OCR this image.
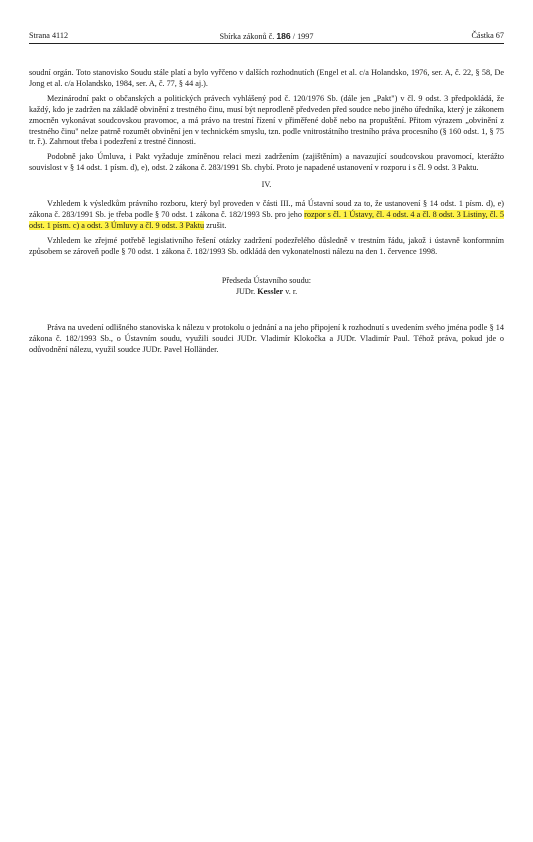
Strana 4112	Sbírka zákonů č. 186 / 1997	Částka 67

soudní orgán. Toto stanovisko Soudu stále platí a bylo vyřčeno v dalších rozhodnutích (Engel et al. c/a Holandsko, 1976, ser. A, č. 22, § 58, De Jong et al. c/a Holandsko, 1984, ser. A, č. 77, § 44 aj.).

Mezinárodní pakt o občanských a politických právech vyhlášený pod č. 120/1976 Sb. (dále jen „Pakt") v čl. 9 odst. 3 předpokládá, že každý, kdo je zadržen na základě obvinění z trestného činu, musí být neprodleně předveden před soudce nebo jiného úředníka, který je zákonem zmocněn vykonávat soudcovskou pravomoc, a má právo na trestní řízení v přiměřené době nebo na propuštění. Přitom výrazem „obvinění z trestného činu" nelze patrně rozumět obvinění jen v technickém smyslu, tzn. podle vnitrostátního trestního práva procesního (§ 160 odst. 1, § 75 tr. ř.). Zahrnout třeba i podezření z trestné činnosti.

Podobně jako Úmluva, i Pakt vyžaduje zmíněnou relaci mezi zadržením (zajištěním) a navazující soudcovskou pravomocí, kterážto souvislost v § 14 odst. 1 písm. d), e), odst. 2 zákona č. 283/1991 Sb. chybí. Proto je napadené ustanovení v rozporu i s čl. 9 odst. 3 Paktu.

IV.

Vzhledem k výsledkům právního rozboru, který byl proveden v části III., má Ústavní soud za to, že ustanovení § 14 odst. 1 písm. d), e) zákona č. 283/1991 Sb. je třeba podle § 70 odst. 1 zákona č. 182/1993 Sb. pro jeho rozpor s čl. 1 Ústavy, čl. 4 odst. 4 a čl. 8 odst. 3 Listiny, čl. 5 odst. 1 písm. c) a odst. 3 Úmluvy a čl. 9 odst. 3 Paktu zrušit.

Vzhledem ke zřejmé potřebě legislativního řešení otázky zadržení podezřelého důsledně v trestním řádu, jakož i ústavně konformním způsobem se zároveň podle § 70 odst. 1 zákona č. 182/1993 Sb. odkládá den vykonatelnosti nálezu na den 1. července 1998.

Předseda Ústavního soudu:

JUDr. Kessler v. r.

Práva na uvedení odlišného stanoviska k nálezu v protokolu o jednání a na jeho připojení k rozhodnutí s uvedením svého jména podle § 14 zákona č. 182/1993 Sb., o Ústavním soudu, využili soudci JUDr. Vladimír Klokočka a JUDr. Vladimír Paul. Téhož práva, pokud jde o odůvodnění nálezu, využil soudce JUDr. Pavel Holländer.
